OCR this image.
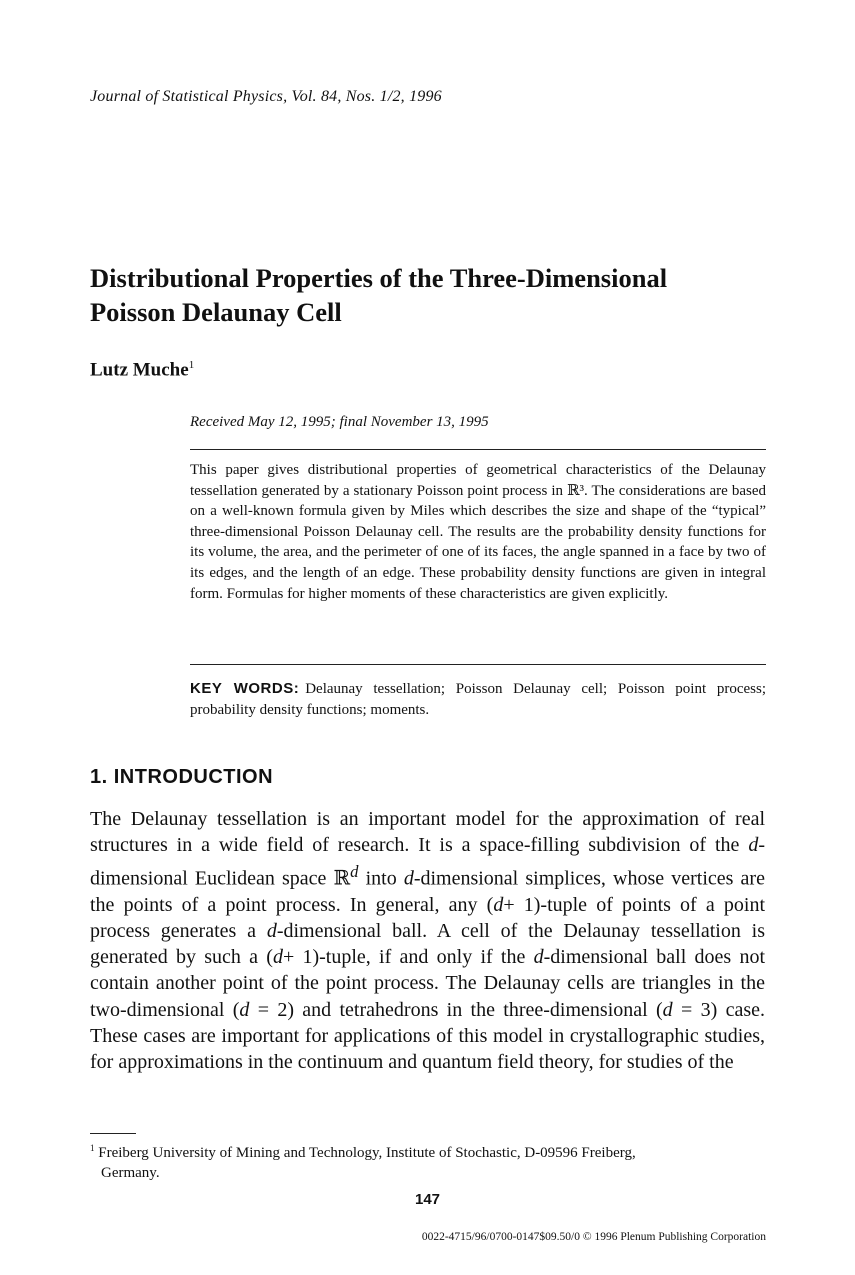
Journal of Statistical Physics, Vol. 84, Nos. 1/2, 1996
Distributional Properties of the Three-Dimensional
Poisson Delaunay Cell
Lutz Muche$^1$
Received May 12, 1995; final November 13, 1995
This paper gives distributional properties of geometrical characteristics of the Delaunay tessellation generated by a stationary Poisson point process in ℝ³. The considerations are based on a well-known formula given by Miles which describes the size and shape of the “typical” three-dimensional Poisson Delaunay cell. The results are the probability density functions for its volume, the area, and the perimeter of one of its faces, the angle spanned in a face by two of its edges, and the length of an edge. These probability density functions are given in integral form. Formulas for higher moments of these characteristics are given explicitly.
KEY WORDS: Delaunay tessellation; Poisson Delaunay cell; Poisson point process; probability density functions; moments.
1. INTRODUCTION
The Delaunay tessellation is an important model for the approximation of real structures in a wide field of research. It is a space-filling subdivision of the d-dimensional Euclidean space ℝ$^d$ into d-dimensional simplices, whose vertices are the points of a point process. In general, any (d+ 1)-tuple of points of a point process generates a d-dimensional ball. A cell of the Delaunay tessellation is generated by such a (d+ 1)-tuple, if and only if the d-dimensional ball does not contain another point of the point process. The Delaunay cells are triangles in the two-dimensional (d = 2) and tetrahedrons in the three-dimensional (d = 3) case. These cases are important for applications of this model in crystallographic studies, for approximations in the continuum and quantum field theory, for studies of the
$^1$ Freiberg University of Mining and Technology, Institute of Stochastic, D-09596 Freiberg,
Germany.
147
0022-4715/96/0700-0147$09.50/0 © 1996 Plenum Publishing Corporation
